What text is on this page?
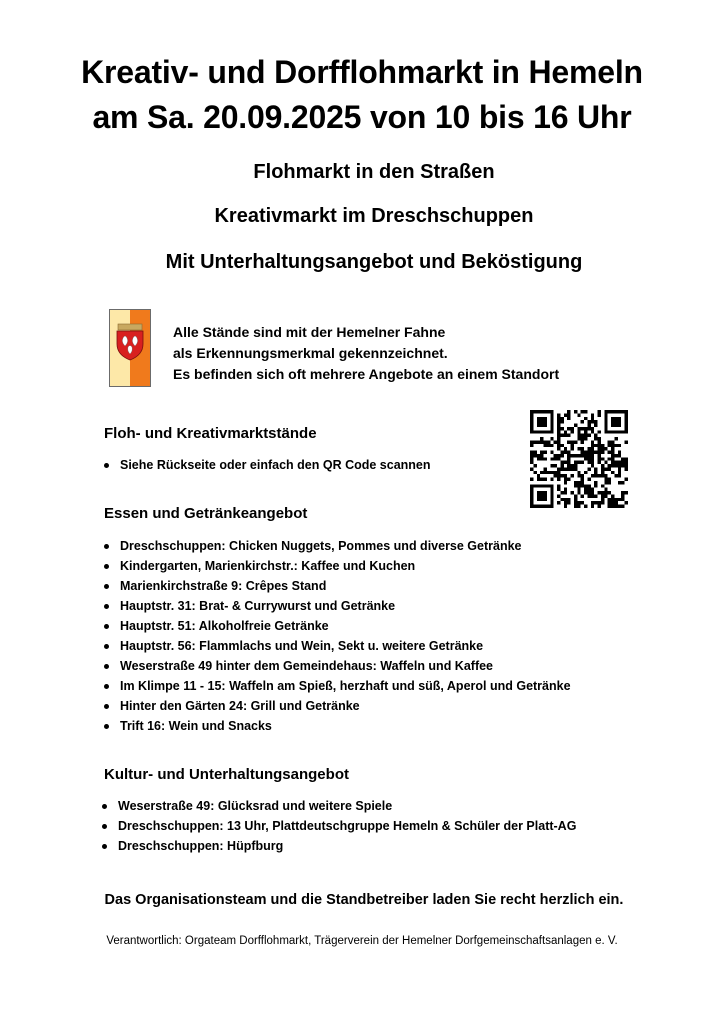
Kreativ- und Dorfflohmarkt in Hemeln
am Sa. 20.09.2025 von 10 bis 16 Uhr
Flohmarkt in den Straßen
Kreativmarkt im Dreschschuppen
Mit Unterhaltungsangebot und Beköstigung
Alle Stände sind mit der Hemelner Fahne
als Erkennungsmerkmal gekennzeichnet.
Es befinden sich oft mehrere Angebote an einem Standort
Floh- und Kreativmarktstände
Siehe Rückseite oder einfach den QR Code scannen
Essen und Getränkeangebot
Dreschschuppen: Chicken Nuggets, Pommes und diverse Getränke
Kindergarten, Marienkirchstr.: Kaffee und Kuchen
Marienkirchstraße 9: Crêpes Stand
Hauptstr. 31: Brat- & Currywurst und Getränke
Hauptstr. 51: Alkoholfreie Getränke
Hauptstr. 56: Flammlachs und Wein, Sekt u. weitere Getränke
Weserstraße 49 hinter dem Gemeindehaus: Waffeln und Kaffee
Im Klimpe 11 - 15: Waffeln am Spieß, herzhaft und süß, Aperol und Getränke
Hinter den Gärten 24: Grill und Getränke
Trift 16: Wein und Snacks
Kultur- und Unterhaltungsangebot
Weserstraße 49: Glücksrad und weitere Spiele
Dreschschuppen: 13 Uhr, Plattdeutschgruppe Hemeln & Schüler der Platt-AG
Dreschschuppen: Hüpfburg
Das Organisationsteam und die Standbetreiber laden Sie recht herzlich ein.
Verantwortlich: Orgateam Dorfflohmarkt, Trägerverein der Hemelner Dorfgemeinschaftsanlagen e. V.
